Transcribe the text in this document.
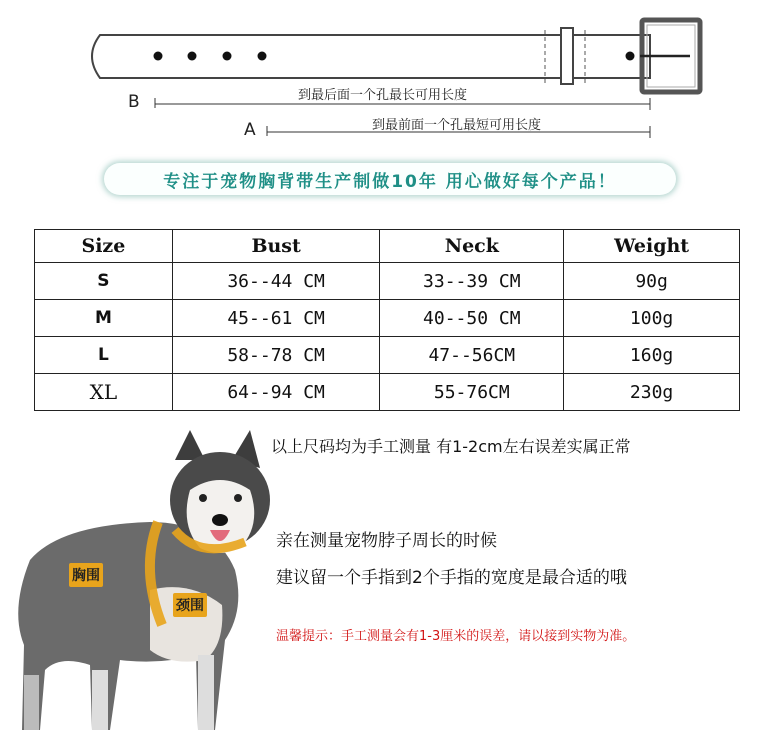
B	到最后面一个孔最长可用长度
A	到最前面一个孔最短可用长度
专注于宠物胸背带生产制做10年 用心做好每个产品！
Size	Bust	Neck	Weight
S	36--44 CM	33--39 CM	90g
M	45--61 CM	40--50 CM	100g
L	58--78 CM	47--56CM	160g
XL	64--94 CM	55-76CM	230g
胸围
颈围
以上尺码均为手工测量 有1-2cm左右误差实属正常
亲在测量宠物脖子周长的时候
建议留一个手指到2个手指的宽度是最合适的哦
温馨提示：手工测量会有1-3厘米的误差，请以接到实物为准。
